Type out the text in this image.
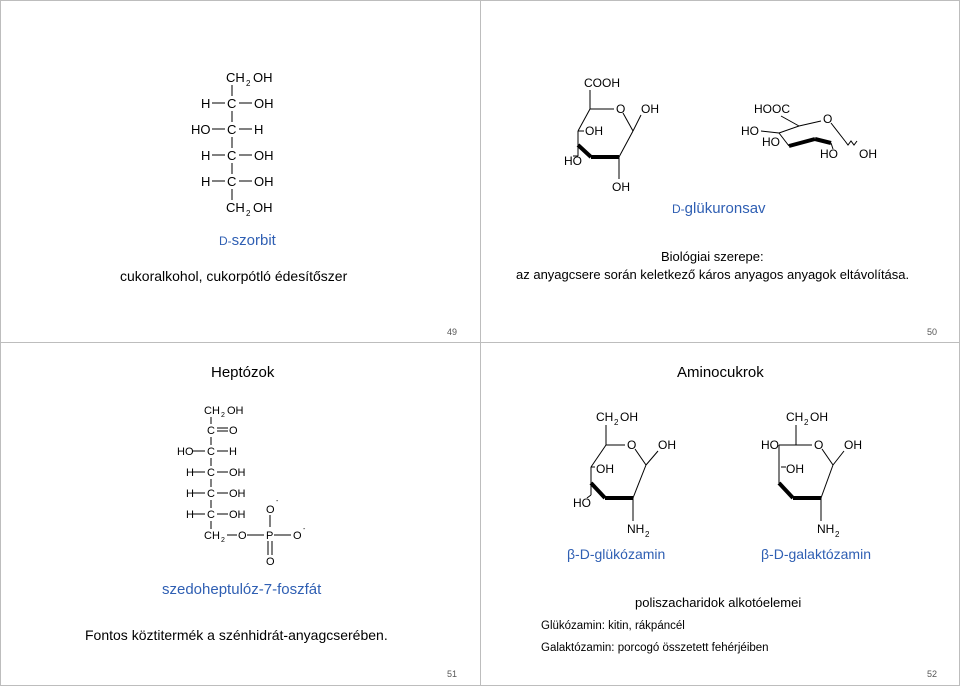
CH 2 OH
H C OH
HO C H
H C OH
H C OH
CH 2 OH
D-szorbit
cukoralkohol, cukorpótló édesítőszer
COOH
O OH
OH
HO
OH
HOOC
O
HO
HO
HO OH
D-glükuronsav
Biológiai szerepe:
az anyagcsere során keletkező káros anyagos anyagok eltávolítása.
Heptózok
CH 2 OH
C O
HO C H
H C OH
H C OH
H C OH
CH 2 O P O
O
O
-
-
szedoheptulóz-7-foszfát
Fontos köztitermék a szénhidrát-anyagcserében.
Aminocukrok
CH 2 OH
O OH
OH
HO
NH 2
CH 2 OH
HO	O OH
OH
NH 2
β-D-glükózamin	β-D-galaktózamin
poliszacharidok alkotóelemei
Glükózamin: kitin, rákpáncél
Galaktózamin: porcogó összetett fehérjéiben
49	50
51	52
